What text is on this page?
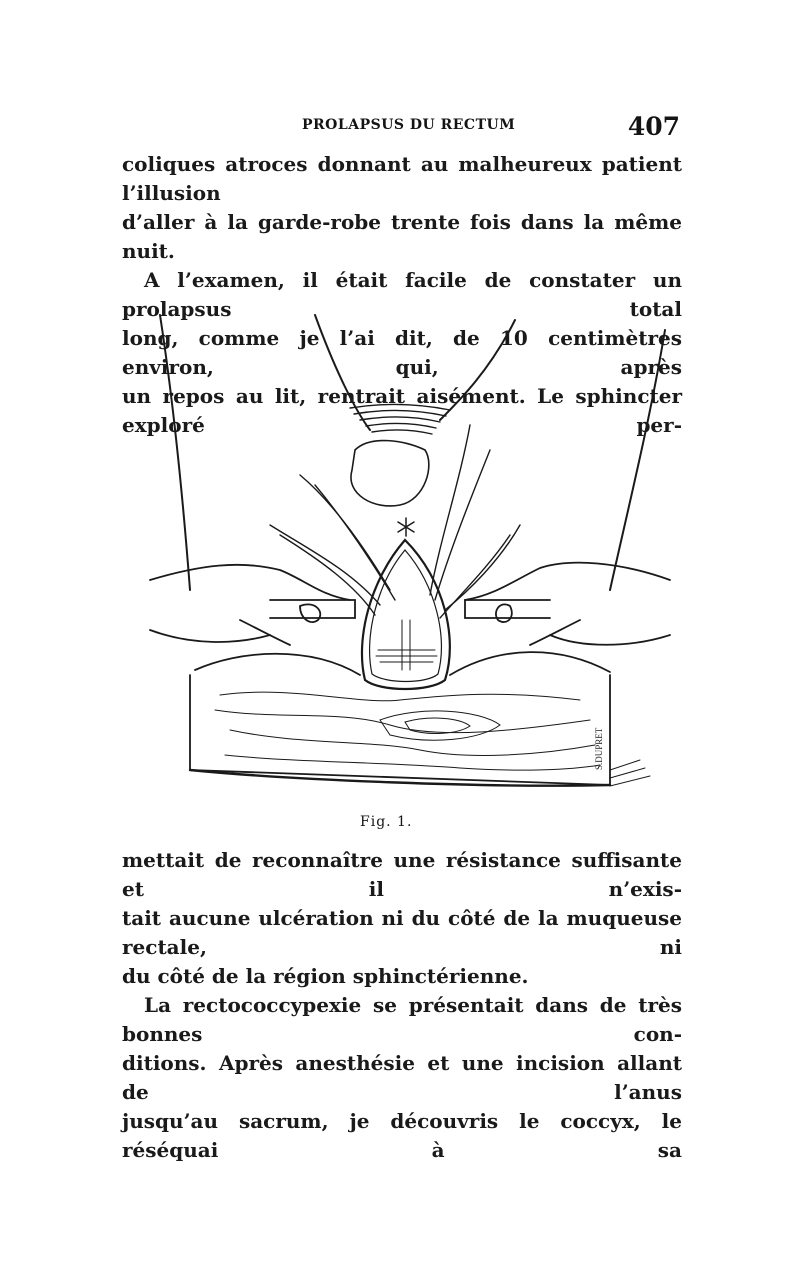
PROLAPSUS DU RECTUM	407

coliques atroces donnant au malheureux patient l’illusion

d’aller à la garde-robe trente fois dans la même nuit.

A l’examen, il était facile de constater un prolapsus total

long, comme je l’ai dit, de 10 centimètres environ, qui, après

un repos au lit, rentrait aisément. Le sphincter exploré per-

S.DUPRET
Fig. 1.

mettait de reconnaître une résistance suffisante et il n’exis-

tait aucune ulcération ni du côté de la muqueuse rectale, ni

du côté de la région sphinctérienne.

La rectococcypexie se présentait dans de très bonnes con-

ditions. Après anesthésie et une incision allant de l’anus

jusqu’au sacrum, je découvris le coccyx, le réséquai à sa
